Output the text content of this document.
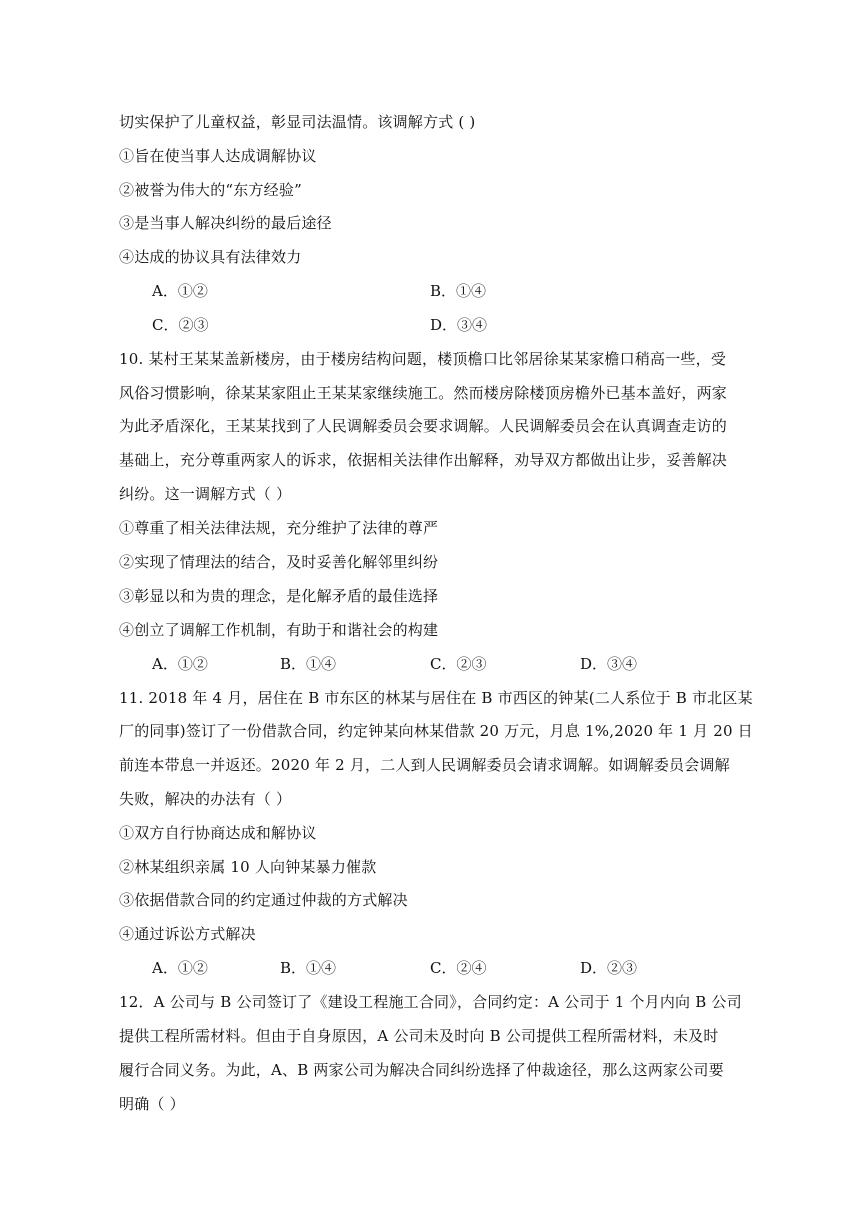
切实保护了儿童权益，彰显司法温情。该调解方式 ( )
①旨在使当事人达成调解协议
②被誉为伟大的“东方经验”
③是当事人解决纠纷的最后途径
④达成的协议具有法律效力
A．①②	B．①④
C．②③	D．③④
10. 某村王某某盖新楼房，由于楼房结构问题，楼顶檐口比邻居徐某某家檐口稍高一些，受
风俗习惯影响，徐某某家阻止王某某家继续施工。然而楼房除楼顶房檐外已基本盖好，两家
为此矛盾深化，王某某找到了人民调解委员会要求调解。人民调解委员会在认真调查走访的
基础上，充分尊重两家人的诉求，依据相关法律作出解释，劝导双方都做出让步，妥善解决
纠纷。这一调解方式（ ）
①尊重了相关法律法规，充分维护了法律的尊严
②实现了情理法的结合，及时妥善化解邻里纠纷
③彰显以和为贵的理念，是化解矛盾的最佳选择
④创立了调解工作机制，有助于和谐社会的构建
A．①②	B．①④	C．②③	D．③④
11. 2018 年 4 月，居住在 B 市东区的林某与居住在 B 市西区的钟某(二人系位于 B 市北区某
厂的同事)签订了一份借款合同，约定钟某向林某借款 20 万元，月息 1%,2020 年 1 月 20 日
前连本带息一并返还。2020 年 2 月，二人到人民调解委员会请求调解。如调解委员会调解
失败，解决的办法有（ ）
①双方自行协商达成和解协议
②林某组织亲属 10 人向钟某暴力催款
③依据借款合同的约定通过仲裁的方式解决
④通过诉讼方式解决
A．①②	B．①④	C．②④	D．②③
12．A 公司与 B 公司签订了《建设工程施工合同》，合同约定：A 公司于 1 个月内向 B 公司
提供工程所需材料。但由于自身原因，A 公司未及时向 B 公司提供工程所需材料，未及时
履行合同义务。为此，A、B 两家公司为解决合同纠纷选择了仲裁途径，那么这两家公司要
明确（ ）
